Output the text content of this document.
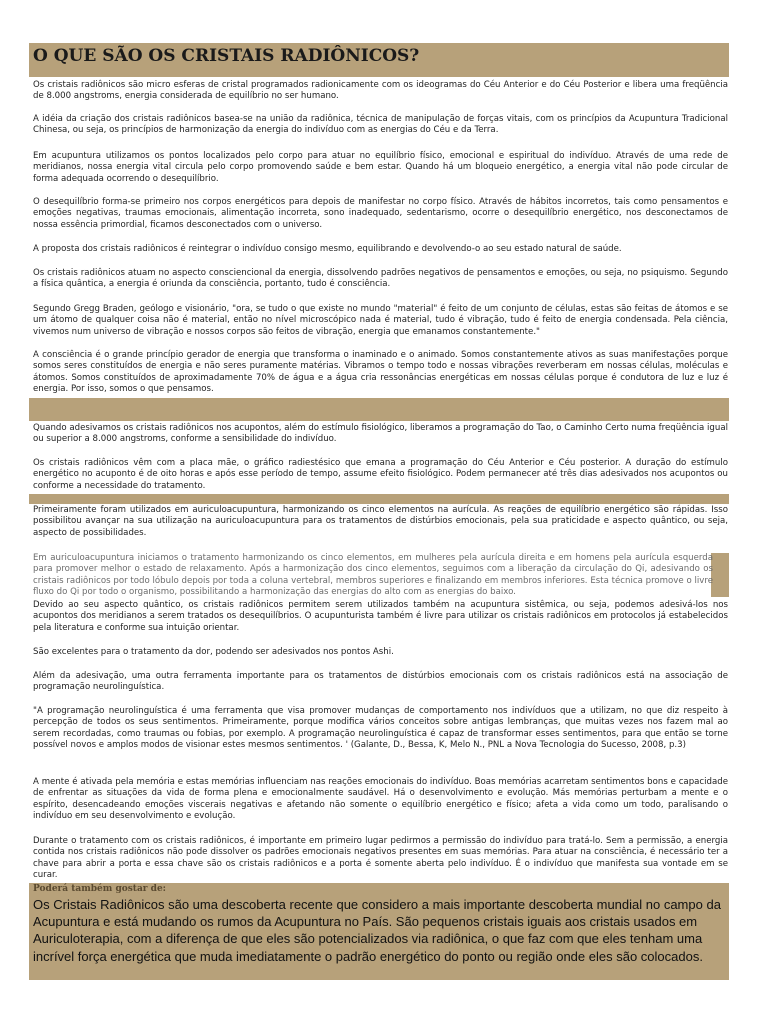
O QUE SÃO OS CRISTAIS RADIÔNICOS?

Os cristais radiônicos são micro esferas de cristal programados radionicamente com os ideogramas do Céu Anterior e do Céu Posterior e libera uma freqüência de 8.000 angstroms, energia considerada de equilíbrio no ser humano.

A idéia da criação dos cristais radiônicos basea-se na união da radiônica, técnica de manipulação de forças vitais, com os princípios da Acupuntura Tradicional Chinesa, ou seja, os princípios de harmonização da energia do indivíduo com as energias do Céu e da Terra.

Em acupuntura utilizamos os pontos localizados pelo corpo para atuar no equilíbrio físico, emocional e espiritual do indivíduo. Através de uma rede de meridianos, nossa energia vital circula pelo corpo promovendo saúde e bem estar. Quando há um bloqueio energético, a energia vital não pode circular de forma adequada ocorrendo o desequilíbrio.

O desequilíbrio forma-se primeiro nos corpos energéticos para depois de manifestar no corpo físico. Através de hábitos incorretos, tais como pensamentos e emoções negativas, traumas emocionais, alimentação incorreta, sono inadequado, sedentarismo, ocorre o desequilíbrio energético, nos desconectamos de nossa essência primordial, ficamos desconectados com o universo.

A proposta dos cristais radiônicos é reintegrar o indivíduo consigo mesmo, equilibrando e devolvendo-o ao seu estado natural de saúde.

Os cristais radiônicos atuam no aspecto consciencional da energia, dissolvendo padrões negativos de pensamentos e emoções, ou seja, no psiquismo. Segundo a física quântica, a energia é oriunda da consciência, portanto, tudo é consciência.

Segundo Gregg Braden, geólogo e visionário, "ora, se tudo o que existe no mundo "material" é feito de um conjunto de células, estas são feitas de átomos e se um átomo de qualquer coisa não é material, então no nível microscópico nada é material, tudo é vibração, tudo é feito de energia condensada. Pela ciência, vivemos num universo de vibração e nossos corpos são feitos de vibração, energia que emanamos constantemente."

A consciência é o grande princípio gerador de energia que transforma o inaminado e o animado. Somos constantemente ativos as suas manifestações porque somos seres constituídos de energia e não seres puramente matérias. Vibramos o tempo todo e nossas vibrações reverberam em nossas células, moléculas e átomos. Somos constituídos de aproximadamente 70% de água e a água cria ressonâncias energéticas em nossas células porque é condutora de luz e luz é energia. Por isso, somos o que pensamos.

Quando adesivamos os cristais radiônicos nos acupontos, além do estímulo fisiológico, liberamos a programação do Tao, o Caminho Certo numa freqüência igual ou superior a 8.000 angstroms, conforme a sensibilidade do indivíduo.

Os cristais radiônicos vêm com a placa mãe, o gráfico radiestésico que emana a programação do Céu Anterior e Céu posterior. A duração do estímulo energético no acuponto é de oito horas e após esse período de tempo, assume efeito fisiológico. Podem permanecer até três dias adesivados nos acupontos ou conforme a necessidade do tratamento.

Primeiramente foram utilizados em auriculoacupuntura, harmonizando os cinco elementos na aurícula. As reações de equilíbrio energético são rápidas. Isso possibilitou avançar na sua utilização na auriculoacupuntura para os tratamentos de distúrbios emocionais, pela sua praticidade e aspecto quântico, ou seja, aspecto de possibilidades.

Em auriculoacupuntura iniciamos o tratamento harmonizando os cinco elementos, em mulheres pela aurícula direita e em homens pela aurícula esquerda para promover melhor o estado de relaxamento. Após a harmonização dos cinco elementos, seguimos com a liberação da circulação do Qi, adesivando os cristais radiônicos por todo lóbulo depois por toda a coluna vertebral, membros superiores e finalizando em membros inferiores. Esta técnica promove o livre fluxo do Qi por todo o organismo, possibilitando a harmonização das energias do alto com as energias do baixo.

Devido ao seu aspecto quântico, os cristais radiônicos permitem serem utilizados também na acupuntura sistêmica, ou seja, podemos adesivá-los nos acupontos dos meridianos a serem tratados os desequilíbrios. O acupunturista também é livre para utilizar os cristais radiônicos em protocolos já estabelecidos pela literatura e conforme sua intuição orientar.

São excelentes para o tratamento da dor, podendo ser adesivados nos pontos Ashi.

Além da adesivação, uma outra ferramenta importante para os tratamentos de distúrbios emocionais com os cristais radiônicos está na associação de programação neurolinguística.

"A programação neurolinguística é uma ferramenta que visa promover mudanças de comportamento nos indivíduos que a utilizam, no que diz respeito à percepção de todos os seus sentimentos. Primeiramente, porque modifica vários conceitos sobre antigas lembranças, que muitas vezes nos fazem mal ao serem recordadas, como traumas ou fobias, por exemplo. A programação neurolinguística é capaz de transformar esses sentimentos, para que então se torne possível novos e amplos modos de visionar estes mesmos sentimentos. ' (Galante, D., Bessa, K, Melo N., PNL a Nova Tecnologia do Sucesso, 2008, p.3)

A mente é ativada pela memória e estas memórias influenciam nas reações emocionais do indivíduo. Boas memórias acarretam sentimentos bons e capacidade de enfrentar as situações da vida de forma plena e emocionalmente saudável. Há o desenvolvimento e evolução. Más memórias perturbam a mente e o espírito, desencadeando emoções viscerais negativas e afetando não somente o equilíbrio energético e físico; afeta a vida como um todo, paralisando o indivíduo em seu desenvolvimento e evolução.

Durante o tratamento com os cristais radiônicos, é importante em primeiro lugar pedirmos a permissão do indivíduo para tratá-lo. Sem a permissão, a energia contida nos cristais radiônicos não pode dissolver os padrões emocionais negativos presentes em suas memórias. Para atuar na consciência, é necessário ter a chave para abrir a porta e essa chave são os cristais radiônicos e a porta é somente aberta pelo indivíduo. É o indivíduo que manifesta sua vontade em se curar.

Poderá também gostar de:

Os Cristais Radiônicos são uma descoberta recente que considero a mais importante descoberta mundial no campo da Acupuntura e está mudando os rumos da Acupuntura no País. São pequenos cristais iguais aos cristais usados em Auriculoterapia, com a diferença de que eles são potencializados via radiônica, o que faz com que eles tenham uma incrível força energética que muda imediatamente o padrão energético do ponto ou região onde eles são colocados.
